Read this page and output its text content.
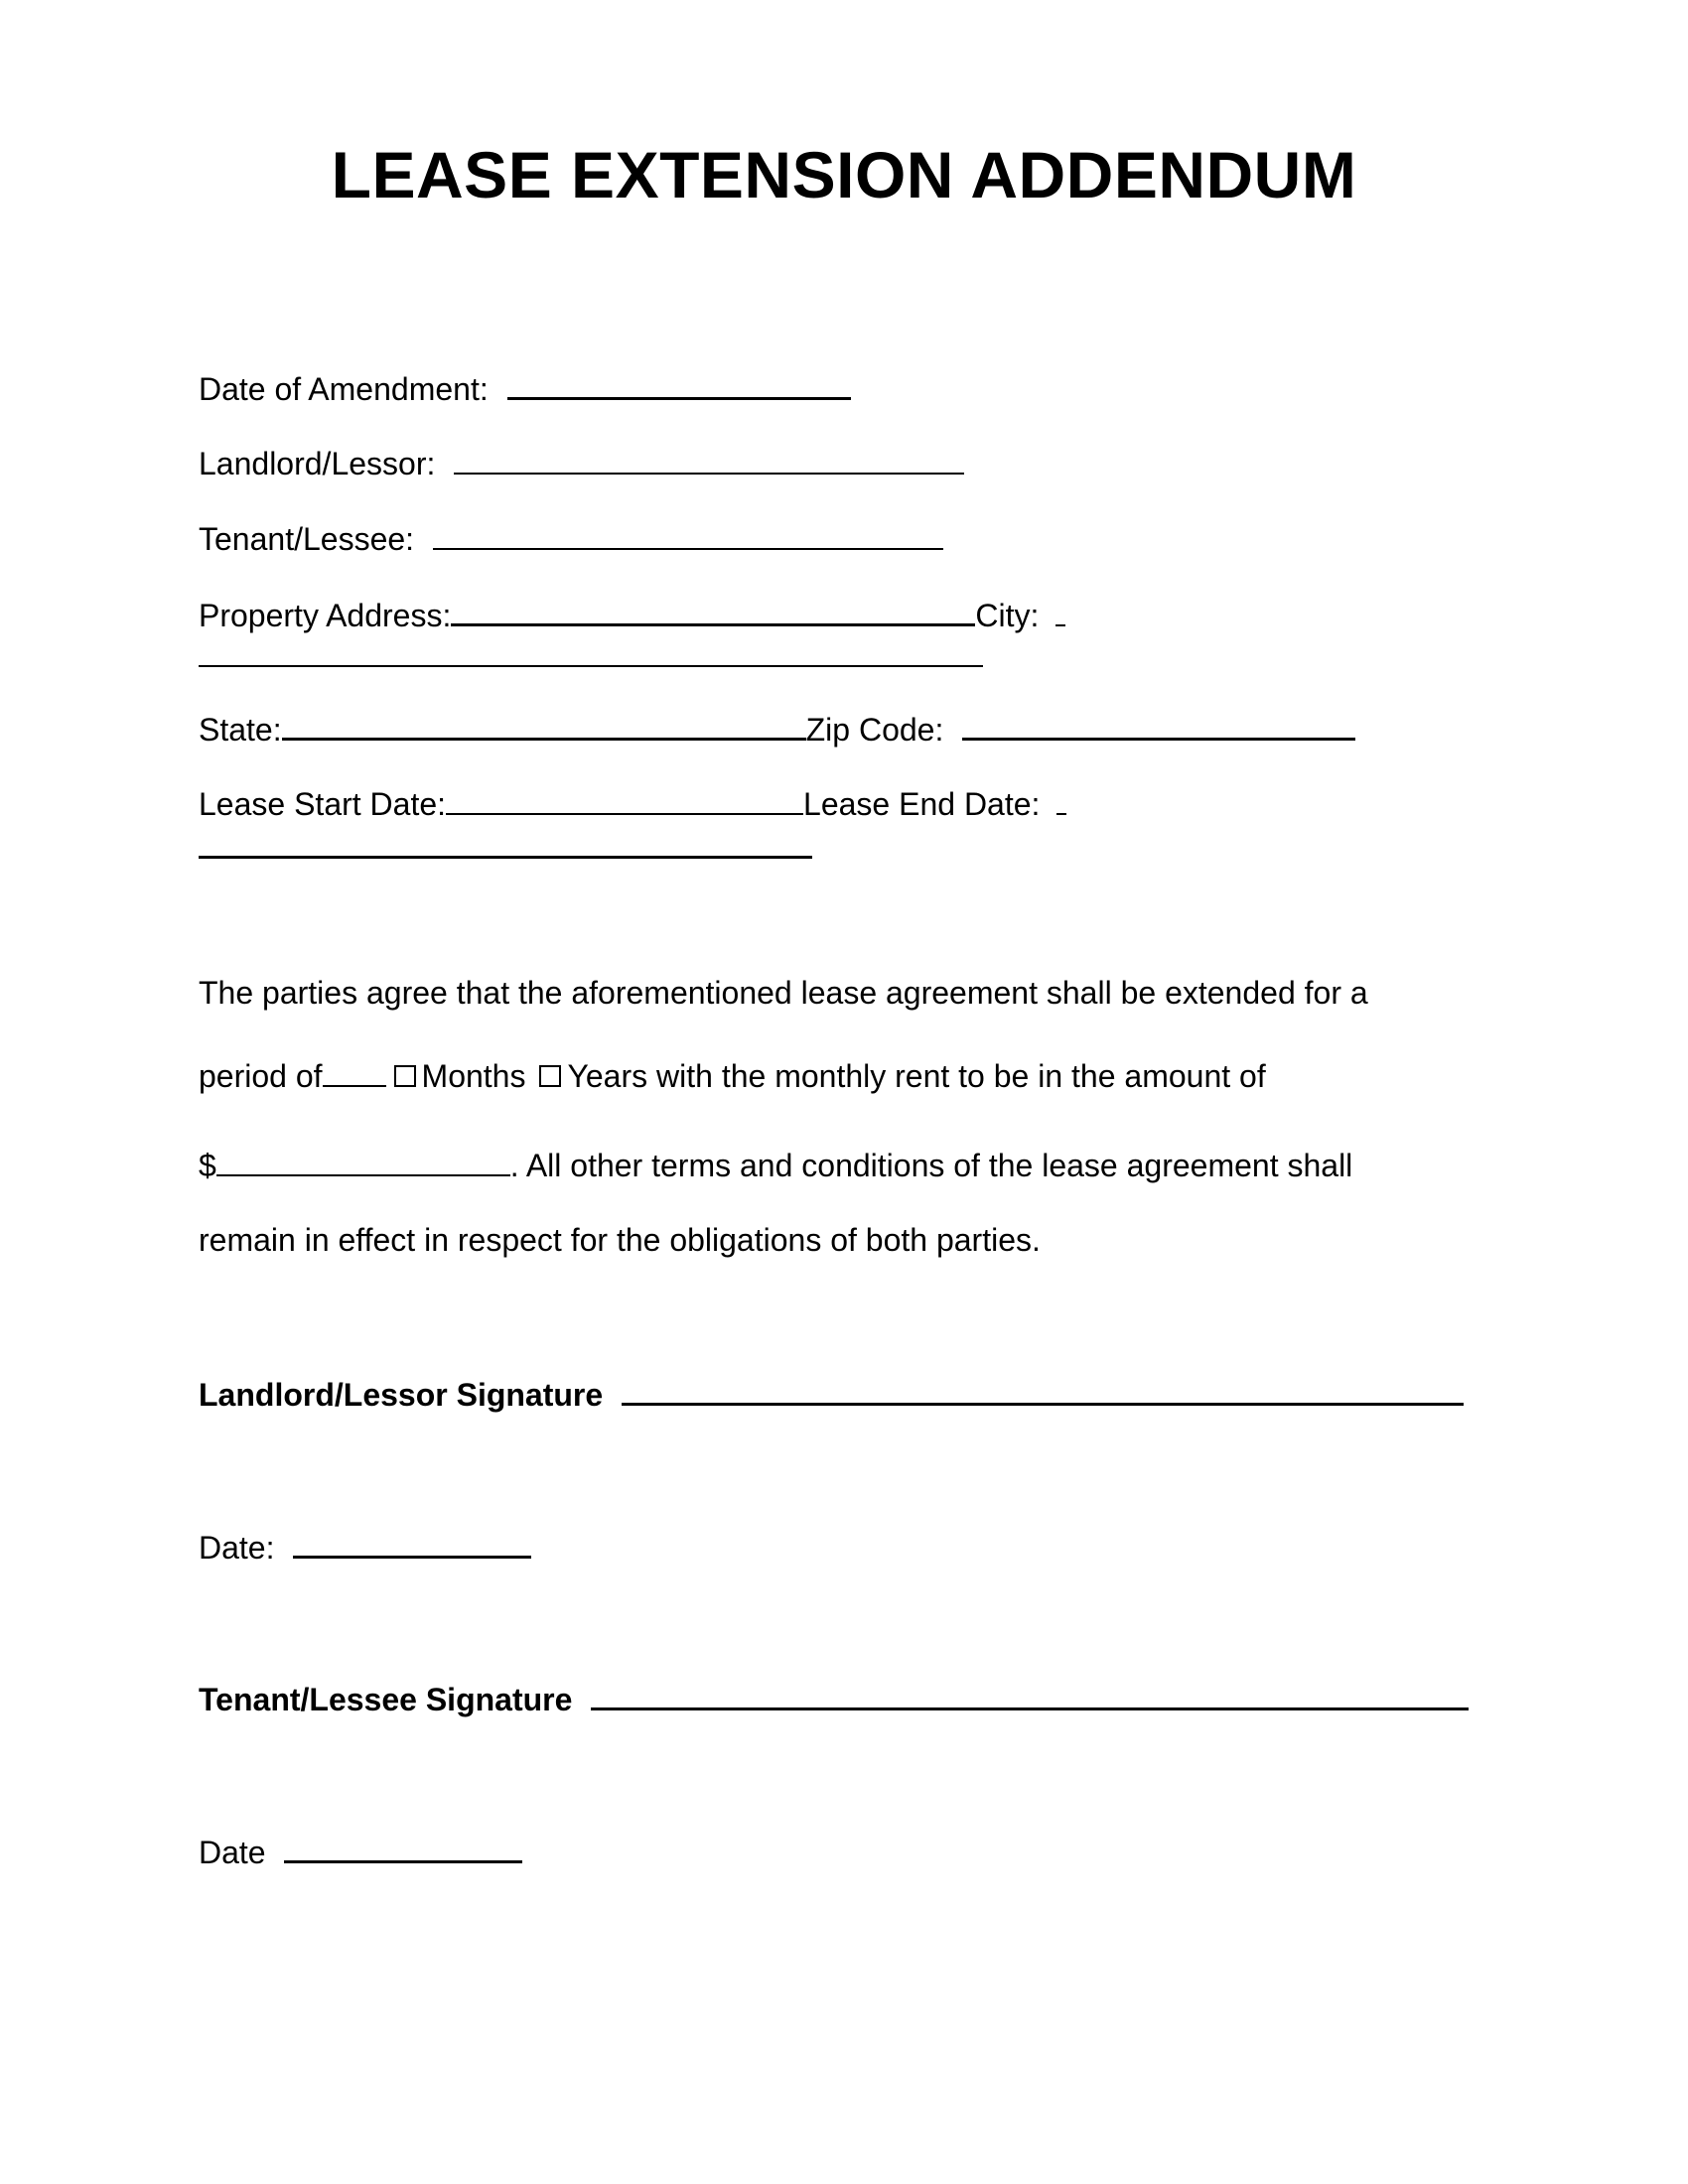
LEASE EXTENSION ADDENDUM
Date of Amendment:
Landlord/Lessor:
Tenant/Lessee:
Property Address:	City:
State:	Zip Code:
Lease Start Date:	Lease End Date:
The parties agree that the aforementioned lease agreement shall be extended for a
period of	Months Years with the monthly rent to be in the amount of
$	. All other terms and conditions of the lease agreement shall
remain in effect in respect for the obligations of both parties.
Landlord/Lessor Signature
Date:
Tenant/Lessee Signature
Date
